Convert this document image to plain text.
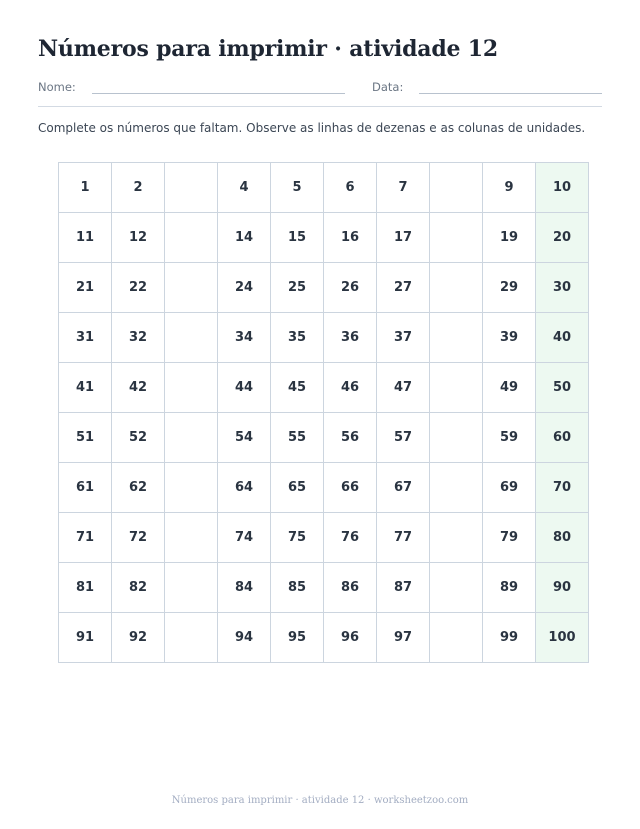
Números para imprimir · atividade 12
Nome:	Data:

Complete os números que faltam. Observe as linhas de dezenas e as colunas de unidades.

1	2		4	5	6	7		9	10
11	12		14	15	16	17		19	20
21	22		24	25	26	27		29	30
31	32		34	35	36	37		39	40
41	42		44	45	46	47		49	50
51	52		54	55	56	57		59	60
61	62		64	65	66	67		69	70
71	72		74	75	76	77		79	80
81	82		84	85	86	87		89	90
91	92		94	95	96	97		99	100
Números para imprimir · atividade 12 · worksheetzoo.com
